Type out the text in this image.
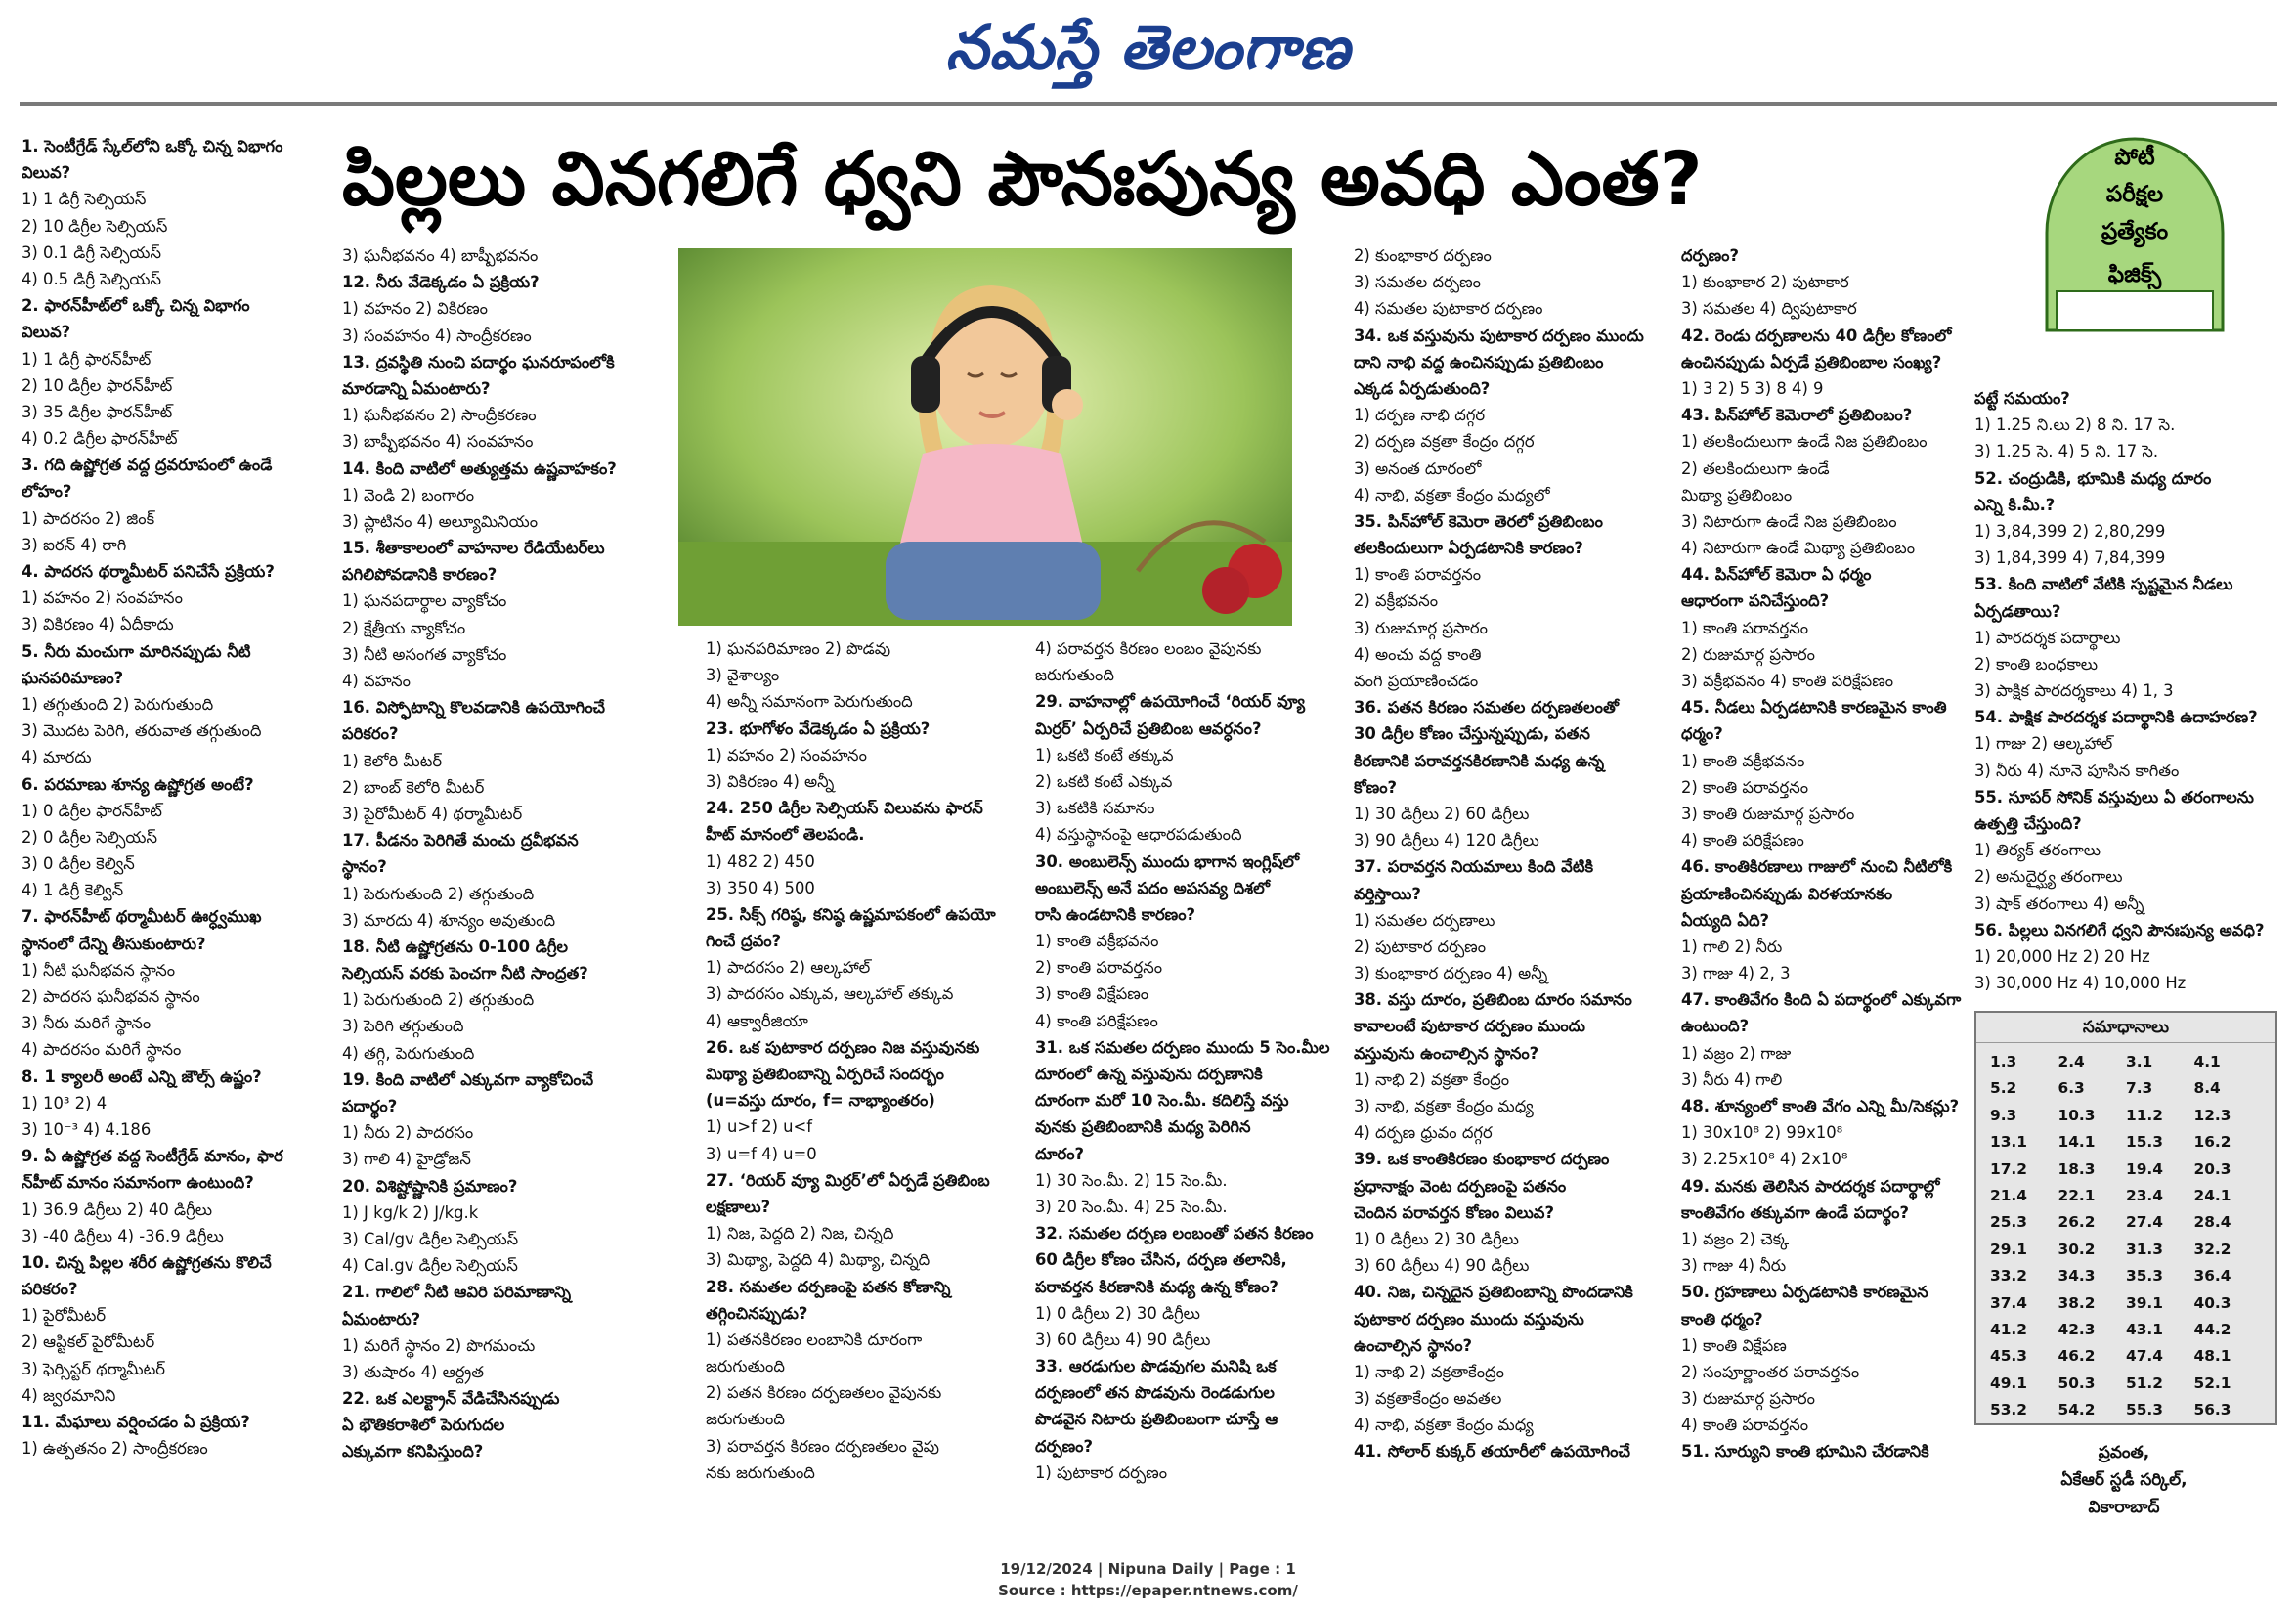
నమస్తే తెలంగాణ
పిల్లలు వినగలిగే ధ్వని పౌనఃపున్య అవధి ఎంత?	పోటీ
పరీక్షల
ప్రత్యేకం
ఫిజిక్స్
1. సెంటీగ్రేడ్ స్కేల్‌లోని ఒక్కో చిన్న విభాగం
విలువ?
1) 1 డిగ్రీ సెల్సియస్
2) 10 డిగ్రీల సెల్సియస్
3) 0.1 డిగ్రీ సెల్సియస్
4) 0.5 డిగ్రీ సెల్సియస్
2. ఫారన్‌హీట్‌లో ఒక్కో చిన్న విభాగం
విలువ?
1) 1 డిగ్రీ ఫారన్‌హీట్
2) 10 డిగ్రీల ఫారన్‌హీట్
3) 35 డిగ్రీల ఫారన్‌హీట్
4) 0.2 డిగ్రీల ఫారన్‌హీట్
3. గది ఉష్ణోగ్రత వద్ద ద్రవరూపంలో ఉండే
లోహం?
1) పాదరసం 2) జింక్
3) ఐరన్ 4) రాగి
4. పాదరస థర్మామీటర్ పనిచేసే ప్రక్రియ?
1) వహనం 2) సంవహనం
3) వికిరణం 4) ఏదీకాదు
5. నీరు మంచుగా మారినప్పుడు నీటి
ఘనపరిమాణం?
1) తగ్గుతుంది 2) పెరుగుతుంది
3) మొదట పెరిగి, తరువాత తగ్గుతుంది
4) మారదు
6. పరమాణు శూన్య ఉష్ణోగ్రత అంటే?
1) 0 డిగ్రీల ఫారన్‌హీట్
2) 0 డిగ్రీల సెల్సియస్
3) 0 డిగ్రీల కెల్విన్
4) 1 డిగ్రీ కెల్విన్
7. ఫారన్‌హీట్ థర్మామీటర్ ఊర్ధ్వముఖ
స్థానంలో దేన్ని తీసుకుంటారు?
1) నీటి ఘనీభవన స్థానం
2) పాదరస ఘనీభవన స్థానం
3) నీరు మరిగే స్థానం
4) పాదరసం మరిగే స్థానం
8. 1 క్యాలరీ అంటే ఎన్ని జౌల్స్ ఉష్ణం?
1) 10³ 2) 4
3) 10⁻³ 4) 4.186
9. ఏ ఉష్ణోగ్రత వద్ద సెంటీగ్రేడ్ మానం, ఫార
న్‌హీట్ మానం సమానంగా ఉంటుంది?
1) 36.9 డిగ్రీలు 2) 40 డిగ్రీలు
3) -40 డిగ్రీలు 4) -36.9 డిగ్రీలు
10. చిన్న పిల్లల శరీర ఉష్ణోగ్రతను కొలిచే
పరికరం?
1) పైరోమీటర్
2) ఆప్టికల్ పైరోమీటర్
3) ఫెర్సిస్టర్ థర్మామీటర్
4) జ్వరమానిని
11. మేఘాలు వర్షించడం ఏ ప్రక్రియ?
1) ఉత్పతనం 2) సాంద్రీకరణం
3) ఘనీభవనం 4) బాష్పీభవనం
12. నీరు వేడెక్కడం ఏ ప్రక్రియ?
1) వహనం 2) వికిరణం
3) సంవహనం 4) సాంద్రీకరణం
13. ద్రవస్థితి నుంచి పదార్థం ఘనరూపంలోకి
మారడాన్ని ఏమంటారు?
1) ఘనీభవనం 2) సాంద్రీకరణం
3) బాష్పీభవనం 4) సంవహనం
14. కింది వాటిలో అత్యుత్తమ ఉష్ణవాహకం?
1) వెండి 2) బంగారం
3) ప్లాటినం 4) అల్యూమినియం
15. శీతాకాలంలో వాహనాల రేడియేటర్‌లు
పగిలిపోవడానికి కారణం?
1) ఘనపదార్థాల వ్యాకోచం
2) క్షేత్రీయ వ్యాకోచం
3) నీటి అసంగత వ్యాకోచం
4) వహనం
16. విస్ఫోటాన్ని కొలవడానికి ఉపయోగించే
పరికరం?
1) కెలోరి మీటర్
2) బాంబ్ కెలోరి మీటర్
3) పైరోమీటర్ 4) థర్మామీటర్
17. పీడనం పెరిగితే మంచు ద్రవీభవన
స్థానం?
1) పెరుగుతుంది 2) తగ్గుతుంది
3) మారదు 4) శూన్యం అవుతుంది
18. నీటి ఉష్ణోగ్రతను 0-100 డిగ్రీల
సెల్సియస్ వరకు పెంచగా నీటి సాంద్రత?
1) పెరుగుతుంది 2) తగ్గుతుంది
3) పెరిగి తగ్గుతుంది
4) తగ్గి, పెరుగుతుంది
19. కింది వాటిలో ఎక్కువగా వ్యాకోచించే
పదార్థం?
1) నీరు 2) పాదరసం
3) గాలి 4) హైడ్రోజన్
20. విశిష్టోష్ణానికి ప్రమాణం?
1) J kg/k 2) J/kg.k
3) Cal/gv డిగ్రీల సెల్సియస్
4) Cal.gv డిగ్రీల సెల్సియస్
21. గాలిలో నీటి ఆవిరి పరిమాణాన్ని
ఏమంటారు?
1) మరిగే స్థానం 2) పొగమంచు
3) తుషారం 4) ఆర్ద్రత
22. ఒక ఎలక్ట్రాన్ వేడిచేసినప్పుడు
ఏ భౌతికరాశిలో పెరుగుదల
ఎక్కువగా కనిపిస్తుంది?
1) ఘనపరిమాణం 2) పొడవు
3) వైశాల్యం
4) అన్నీ సమానంగా పెరుగుతుంది
23. భూగోళం వేడెక్కడం ఏ ప్రక్రియ?
1) వహనం 2) సంవహనం
3) వికిరణం 4) అన్నీ
24. 250 డిగ్రీల సెల్సియస్ విలువను ఫారన్
హీట్ మానంలో తెలపండి.
1) 482 2) 450
3) 350 4) 500
25. సిక్స్ గరిష్ఠ, కనిష్ఠ ఉష్ణమాపకంలో ఉపయో
గించే ద్రవం?
1) పాదరసం 2) ఆల్కహాల్
3) పాదరసం ఎక్కువ, ఆల్కహాల్ తక్కువ
4) ఆక్వారీజియా
26. ఒక పుటాకార దర్పణం నిజ వస్తువునకు
మిథ్యా ప్రతిబింబాన్ని ఏర్పరిచే సందర్భం
(u=వస్తు దూరం, f= నాభ్యాంతరం)
1) u>f 2) u<f
3) u=f 4) u=0
27. ‘రియర్ వ్యూ మిర్రర్’లో ఏర్పడే ప్రతిబింబ
లక్షణాలు?
1) నిజ, పెద్దది 2) నిజ, చిన్నది
3) మిథ్యా, పెద్దది 4) మిథ్యా, చిన్నది
28. సమతల దర్పణంపై పతన కోణాన్ని
తగ్గించినప్పుడు?
1) పతనకిరణం లంబానికి దూరంగా
జరుగుతుంది
2) పతన కిరణం దర్పణతలం వైపునకు
జరుగుతుంది
3) పరావర్తన కిరణం దర్పణతలం వైపు
నకు జరుగుతుంది
4) పరావర్తన కిరణం లంబం వైపునకు
జరుగుతుంది
29. వాహనాల్లో ఉపయోగించే ‘రియర్ వ్యూ
మిర్రర్’ ఏర్పరిచే ప్రతిబింబ ఆవర్ధనం?
1) ఒకటి కంటే తక్కువ
2) ఒకటి కంటే ఎక్కువ
3) ఒకటికి సమానం
4) వస్తుస్థానంపై ఆధారపడుతుంది
30. అంబులెన్స్ ముందు భాగాన ఇంగ్లిష్‌లో
అంబులెన్స్ అనే పదం అపసవ్య దిశలో
రాసి ఉండటానికి కారణం?
1) కాంతి వక్రీభవనం
2) కాంతి పరావర్తనం
3) కాంతి విక్షేపణం
4) కాంతి పరిక్షేపణం
31. ఒక సమతల దర్పణం ముందు 5 సెం.మీల
దూరంలో ఉన్న వస్తువును దర్పణానికి
దూరంగా మరో 10 సెం.మీ. కదిలిస్తే వస్తు
వునకు ప్రతిబింబానికి మధ్య పెరిగిన
దూరం?
1) 30 సెం.మీ. 2) 15 సెం.మీ.
3) 20 సెం.మీ. 4) 25 సెం.మీ.
32. సమతల దర్పణ లంబంతో పతన కిరణం
60 డిగ్రీల కోణం చేసిన, దర్పణ తలానికి,
పరావర్తన కిరణానికి మధ్య ఉన్న కోణం?
1) 0 డిగ్రీలు 2) 30 డిగ్రీలు
3) 60 డిగ్రీలు 4) 90 డిగ్రీలు
33. ఆరడుగుల పొడవుగల మనిషి ఒక
దర్పణంలో తన పొడవును రెండడుగుల
పొడవైన నిటారు ప్రతిబింబంగా చూస్తే ఆ
దర్పణం?
1) పుటాకార దర్పణం
2) కుంభాకార దర్పణం
3) సమతల దర్పణం
4) సమతల పుటాకార దర్పణం
34. ఒక వస్తువును పుటాకార దర్పణం ముందు
దాని నాభి వద్ద ఉంచినప్పుడు ప్రతిబింబం
ఎక్కడ ఏర్పడుతుంది?
1) దర్పణ నాభి దగ్గర
2) దర్పణ వక్రతా కేంద్రం దగ్గర
3) అనంత దూరంలో
4) నాభి, వక్రతా కేంద్రం మధ్యలో
35. పిన్‌హోల్ కెమెరా తెరలో ప్రతిబింబం
తలకిందులుగా ఏర్పడటానికి కారణం?
1) కాంతి పరావర్తనం
2) వక్రీభవనం
3) రుజుమార్గ ప్రసారం
4) అంచు వద్ద కాంతి
వంగి ప్రయాణించడం
36. పతన కిరణం సమతల దర్పణతలంతో
30 డిగ్రీల కోణం చేస్తున్నప్పుడు, పతన
కిరణానికి పరావర్తనకిరణానికి మధ్య ఉన్న
కోణం?
1) 30 డిగ్రీలు 2) 60 డిగ్రీలు
3) 90 డిగ్రీలు 4) 120 డిగ్రీలు
37. పరావర్తన నియమాలు కింది వేటికి
వర్తిస్తాయి?
1) సమతల దర్పణాలు
2) పుటాకార దర్పణం
3) కుంభాకార దర్పణం 4) అన్నీ
38. వస్తు దూరం, ప్రతిబింబ దూరం సమానం
కావాలంటే పుటాకార దర్పణం ముందు
వస్తువును ఉంచాల్సిన స్థానం?
1) నాభి 2) వక్రతా కేంద్రం
3) నాభి, వక్రతా కేంద్రం మధ్య
4) దర్పణ ధ్రువం దగ్గర
39. ఒక కాంతికిరణం కుంభాకార దర్పణం
ప్రధానాక్షం వెంట దర్పణంపై పతనం
చెందిన పరావర్తన కోణం విలువ?
1) 0 డిగ్రీలు 2) 30 డిగ్రీలు
3) 60 డిగ్రీలు 4) 90 డిగ్రీలు
40. నిజ, చిన్నదైన ప్రతిబింబాన్ని పొందడానికి
పుటాకార దర్పణం ముందు వస్తువును
ఉంచాల్సిన స్థానం?
1) నాభి 2) వక్రతాకేంద్రం
3) వక్రతాకేంద్రం అవతల
4) నాభి, వక్రతా కేంద్రం మధ్య
41. సోలార్ కుక్కర్ తయారీలో ఉపయోగించే
దర్పణం?
1) కుంభాకార 2) పుటాకార
3) సమతల 4) ద్విపుటాకార
42. రెండు దర్పణాలను 40 డిగ్రీల కోణంలో
ఉంచినప్పుడు ఏర్పడే ప్రతిబింబాల సంఖ్య?
1) 3 2) 5 3) 8 4) 9
43. పిన్‌హోల్ కెమెరాలో ప్రతిబింబం?
1) తలకిందులుగా ఉండే నిజ ప్రతిబింబం
2) తలకిందులుగా ఉండే
మిథ్యా ప్రతిబింబం
3) నిటారుగా ఉండే నిజ ప్రతిబింబం
4) నిటారుగా ఉండే మిథ్యా ప్రతిబింబం
44. పిన్‌హోల్ కెమెరా ఏ ధర్మం
ఆధారంగా పనిచేస్తుంది?
1) కాంతి పరావర్తనం
2) రుజుమార్గ ప్రసారం
3) వక్రీభవనం 4) కాంతి పరిక్షేపణం
45. నీడలు ఏర్పడటానికి కారణమైన కాంతి
ధర్మం?
1) కాంతి వక్రీభవనం
2) కాంతి పరావర్తనం
3) కాంతి రుజుమార్గ ప్రసారం
4) కాంతి పరిక్షేపణం
46. కాంతికిరణాలు గాజులో నుంచి నీటిలోకి
ప్రయాణించినప్పుడు విరళయానకం
ఏయ్యది ఏది?
1) గాలి 2) నీరు
3) గాజు 4) 2, 3
47. కాంతివేగం కింది ఏ పదార్థంలో ఎక్కువగా
ఉంటుంది?
1) వజ్రం 2) గాజు
3) నీరు 4) గాలి
48. శూన్యంలో కాంతి వేగం ఎన్ని మీ/సెకన్లు?
1) 30x10⁸ 2) 99x10⁸
3) 2.25x10⁸ 4) 2x10⁸
49. మనకు తెలిసిన పారదర్శక పదార్థాల్లో
కాంతివేగం తక్కువగా ఉండే పదార్థం?
1) వజ్రం 2) చెక్క
3) గాజు 4) నీరు
50. గ్రహణాలు ఏర్పడటానికి కారణమైన
కాంతి ధర్మం?
1) కాంతి విక్షేపణ
2) సంపూర్ణాంతర పరావర్తనం
3) రుజుమార్గ ప్రసారం
4) కాంతి పరావర్తనం
51. సూర్యుని కాంతి భూమిని చేరడానికి
పట్టే సమయం?
1) 1.25 ని.లు 2) 8 ని. 17 సె.
3) 1.25 సె. 4) 5 ని. 17 సె.
52. చంద్రుడికి, భూమికి మధ్య దూరం
ఎన్ని కి.మీ.?
1) 3,84,399 2) 2,80,299
3) 1,84,399 4) 7,84,399
53. కింది వాటిలో వేటికి స్పష్టమైన నీడలు
ఏర్పడతాయి?
1) పారదర్శక పదార్థాలు
2) కాంతి బంధకాలు
3) పాక్షిక పారదర్శకాలు 4) 1, 3
54. పాక్షిక పారదర్శక పదార్థానికి ఉదాహరణ?
1) గాజు 2) ఆల్కహాల్
3) నీరు 4) నూనె పూసిన కాగితం
55. సూపర్ సోనిక్ వస్తువులు ఏ తరంగాలను
ఉత్పత్తి చేస్తుంది?
1) తిర్యక్ తరంగాలు
2) అనుదైర్ఘ్య తరంగాలు
3) షాక్ తరంగాలు 4) అన్నీ
56. పిల్లలు వినగలిగే ధ్వని పౌనఃపున్య అవధి?
1) 20,000 Hz 2) 20 Hz
3) 30,000 Hz 4) 10,000 Hz
సమాధానాలు
1.3	2.4	3.1	4.1
5.2	6.3	7.3	8.4
9.3	10.3	11.2	12.3
13.1	14.1	15.3	16.2
17.2	18.3	19.4	20.3
21.4	22.1	23.4	24.1
25.3	26.2	27.4	28.4
29.1	30.2	31.3	32.2
33.2	34.3	35.3	36.4
37.4	38.2	39.1	40.3
41.2	42.3	43.1	44.2
45.3	46.2	47.4	48.1
49.1	50.3	51.2	52.1
53.2	54.2	55.3	56.3
ప్రవంత,
ఏకేఆర్ స్టడీ సర్కిల్,
వికారాబాద్
19/12/2024 | Nipuna Daily | Page : 1
Source : https://epaper.ntnews.com/
